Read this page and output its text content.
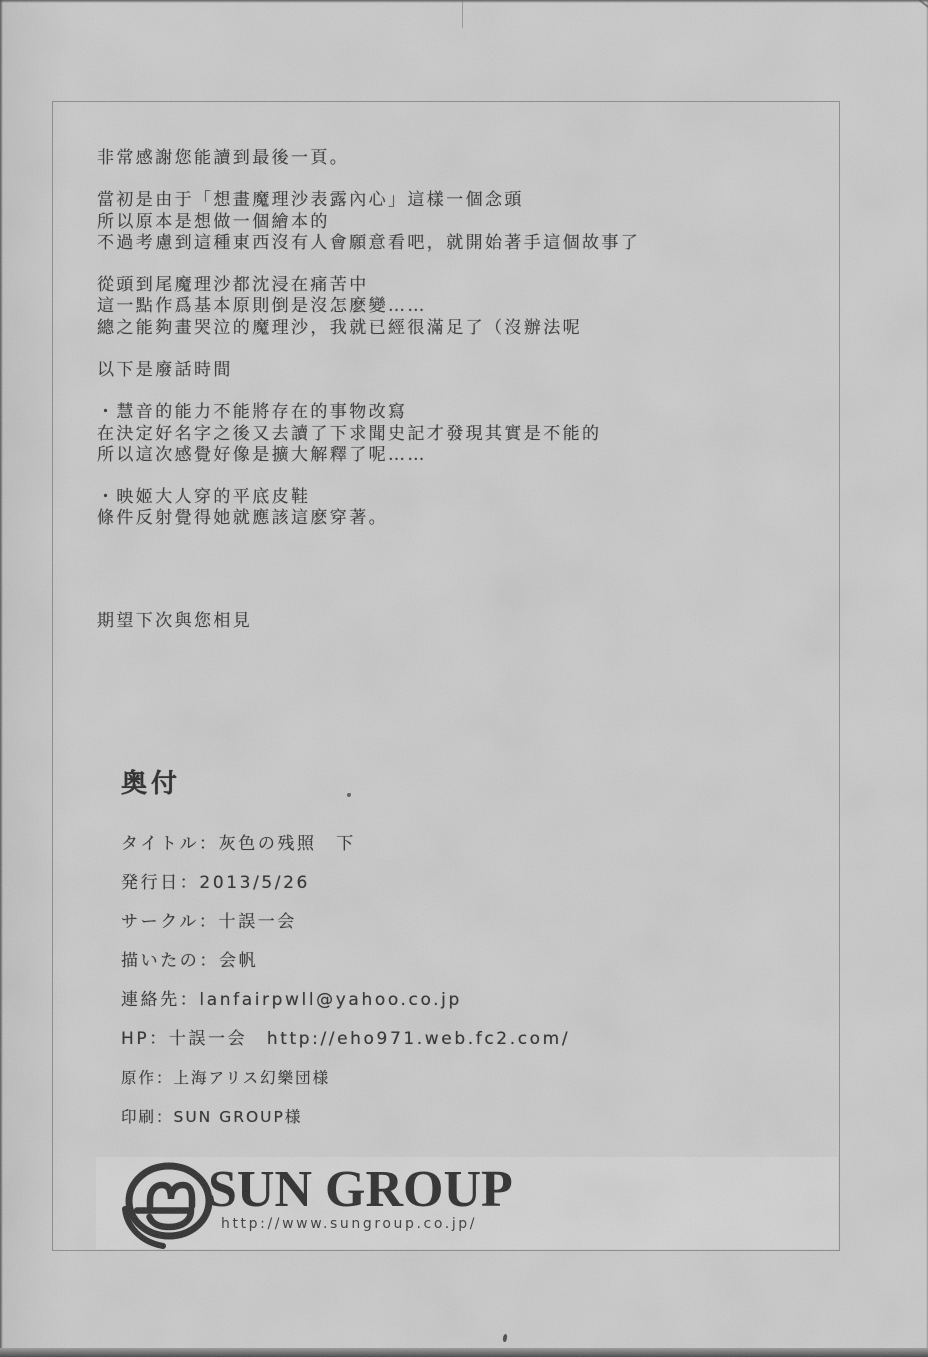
非常感謝您能讀到最後一頁。
當初是由于「想畫魔理沙表露內心」這樣一個念頭
所以原本是想做一個繪本的
不過考慮到這種東西沒有人會願意看吧，就開始著手這個故事了
從頭到尾魔理沙都沈浸在痛苦中
這一點作爲基本原則倒是沒怎麽變……
總之能夠畫哭泣的魔理沙，我就已經很滿足了（沒辦法呢
以下是廢話時間
・慧音的能力不能將存在的事物改寫
在決定好名字之後又去讀了下求聞史記才發現其實是不能的
所以這次感覺好像是擴大解釋了呢……
・映姬大人穿的平底皮鞋
條件反射覺得她就應該這麽穿著。
期望下次與您相見
奥付
タイトル：灰色の残照　下
発行日：2013/5/26
サークル：十誤一会
描いたの：会帆
連絡先：lanfairpwll@yahoo.co.jp
HP：十誤一会　http://eho971.web.fc2.com/
原作：上海アリス幻樂団様
印刷：SUN GROUP様
SUN GROUP
http://www.sungroup.co.jp/
